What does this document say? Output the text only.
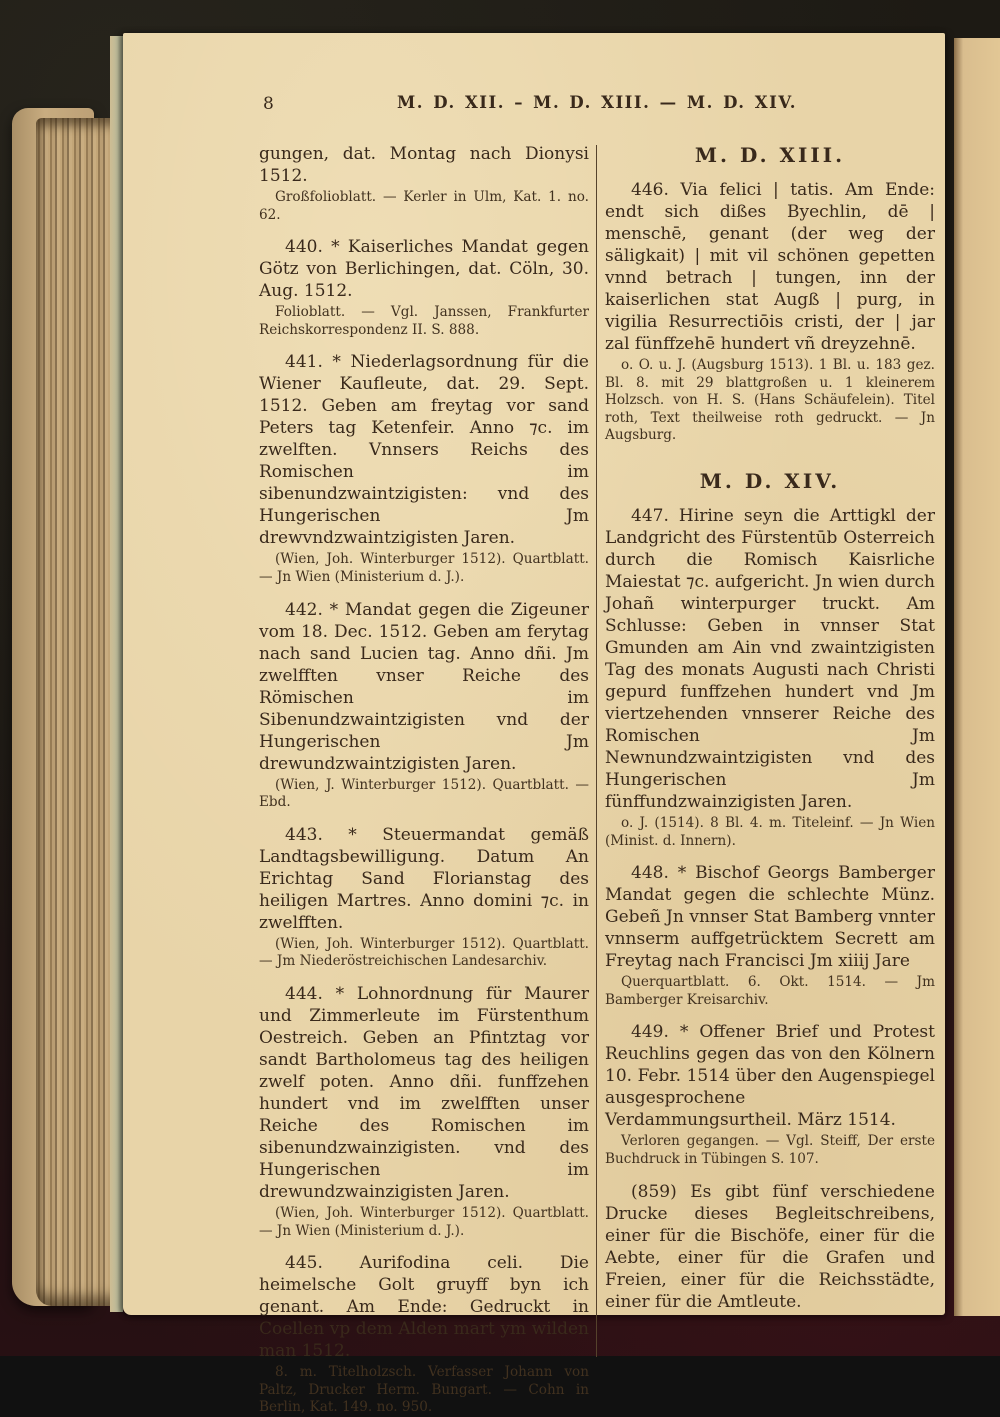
8	M. D. XII. – M. D. XIII. — M. D. XIV.

gungen, dat. Montag nach Dionysi 1512.

Großfolioblatt. — Kerler in Ulm, Kat. 1. no. 62.

440. * Kaiserliches Mandat gegen Götz von Berlichingen, dat. Cöln, 30. Aug. 1512.

Folioblatt. — Vgl. Janssen, Frankfurter Reichskorrespondenz II. S. 888.

441. * Niederlagsordnung für die Wiener Kaufleute, dat. 29. Sept. 1512. Geben am freytag vor sand Peters tag Ketenfeir. Anno ⁊c. im zwelften. Vnnsers Reichs des Romischen im sibenundzwaintzigisten: vnd des Hungerischen Jm drewvndzwaintzigisten Jaren.

(Wien, Joh. Winterburger 1512). Quartblatt. — Jn Wien (Ministerium d. J.).

442. * Mandat gegen die Zigeuner vom 18. Dec. 1512. Geben am ferytag nach sand Lucien tag. Anno dñi. Jm zwelfften vnser Reiche des Römischen im Sibenundzwaintzigisten vnd der Hungerischen Jm drewundzwaintzigisten Jaren.

(Wien, J. Winterburger 1512). Quartblatt. — Ebd.

443. * Steuermandat gemäß Landtagsbewilligung. Datum An Erichtag Sand Florianstag des heiligen Martres. Anno domini ⁊c. in zwelfften.

(Wien, Joh. Winterburger 1512). Quartblatt. — Jm Niederöstreichischen Landesarchiv.

444. * Lohnordnung für Maurer und Zimmerleute im Fürstenthum Oestreich. Geben an Pfintztag vor sandt Bartholomeus tag des heiligen zwelf poten. Anno dñi. funffzehen hundert vnd im zwelfften unser Reiche des Romischen im sibenundzwainzigisten. vnd des Hungerischen im drewundzwainzigisten Jaren.

(Wien, Joh. Winterburger 1512). Quartblatt. — Jn Wien (Ministerium d. J.).

445. Aurifodina celi. Die heimelsche Golt gruyff byn ich genant. Am Ende: Gedruckt in Coellen vp dem Alden mart ym wilden man 1512.

8. m. Titelholzsch. Verfasser Johann von Paltz, Drucker Herm. Bungart. — Cohn in Berlin, Kat. 149. no. 950.

M. D. XIII.

446. Via felici | tatis. Am Ende: endt sich dißes Byechlin, dē | menschē, genant (der weg der säligkait) | mit vil schönen gepetten vnnd betrach | tungen, inn der kaiserlichen stat Augß | purg, in vigilia Resurrectiōis cristi, der | jar zal fünffzehē hundert vñ dreyzehnē.

o. O. u. J. (Augsburg 1513). 1 Bl. u. 183 gez. Bl. 8. mit 29 blattgroßen u. 1 kleinerem Holzsch. von H. S. (Hans Schäufelein). Titel roth, Text theilweise roth gedruckt. — Jn Augsburg.

M. D. XIV.

447. Hirine seyn die Arttigkl der Landgricht des Fürstentūb Osterreich durch die Romisch Kaisrliche Maiestat ⁊c. aufgericht. Jn wien durch Johañ winterpurger truckt. Am Schlusse: Geben in vnnser Stat Gmunden am Ain vnd zwaintzigisten Tag des monats Augusti nach Christi gepurd funffzehen hundert vnd Jm viertzehenden vnnserer Reiche des Romischen Jm Newnundzwaintzigisten vnd des Hungerischen Jm fünffundzwainzigisten Jaren.

o. J. (1514). 8 Bl. 4. m. Titeleinf. — Jn Wien (Minist. d. Innern).

448. * Bischof Georgs Bamberger Mandat gegen die schlechte Münz. Gebeñ Jn vnnser Stat Bamberg vnnter vnnserm auffgetrücktem Secrett am Freytag nach Francisci Jm xiiij Jare

Querquartblatt. 6. Okt. 1514. — Jm Bamberger Kreisarchiv.

449. * Offener Brief und Protest Reuchlins gegen das von den Kölnern 10. Febr. 1514 über den Augenspiegel ausgesprochene Verdammungsurtheil. März 1514.

Verloren gegangen. — Vgl. Steiff, Der erste Buchdruck in Tübingen S. 107.

(859) Es gibt fünf verschiedene Drucke dieses Begleitschreibens, einer für die Bischöfe, einer für die Aebte, einer für die Grafen und Freien, einer für die Reichsstädte, einer für die Amtleute.
